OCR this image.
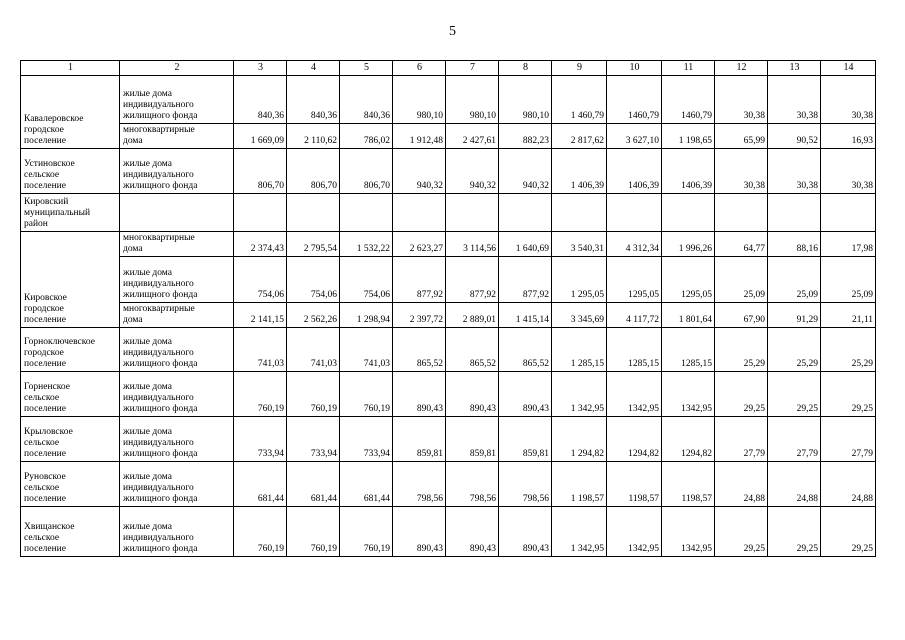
5
1	2	3	4	5	6	7	8	9	10	11	12	13	14
Кавалеровское
городское
поселение	жилые дома
индивидуального
жилищного фонда	840,36	840,36	840,36	980,10	980,10	980,10	1 460,79	1460,79	1460,79	30,38	30,38	30,38
	многоквартирные
дома	1 669,09	2 110,62	786,02	1 912,48	2 427,61	882,23	2 817,62	3 627,10	1 198,65	65,99	90,52	16,93
Устиновское
сельское
поселение	жилые дома
индивидуального
жилищного фонда	806,70	806,70	806,70	940,32	940,32	940,32	1 406,39	1406,39	1406,39	30,38	30,38	30,38
Кировский
муниципальный
район													
Кировское
городское
поселение	многоквартирные
дома	2 374,43	2 795,54	1 532,22	2 623,27	3 114,56	1 640,69	3 540,31	4 312,34	1 996,26	64,77	88,16	17,98
	жилые дома
индивидуального
жилищного фонда	754,06	754,06	754,06	877,92	877,92	877,92	1 295,05	1295,05	1295,05	25,09	25,09	25,09
	многоквартирные
дома	2 141,15	2 562,26	1 298,94	2 397,72	2 889,01	1 415,14	3 345,69	4 117,72	1 801,64	67,90	91,29	21,11
Горноключевское
городское
поселение	жилые дома
индивидуального
жилищного фонда	741,03	741,03	741,03	865,52	865,52	865,52	1 285,15	1285,15	1285,15	25,29	25,29	25,29
Горненское
сельское
поселение	жилые дома
индивидуального
жилищного фонда	760,19	760,19	760,19	890,43	890,43	890,43	1 342,95	1342,95	1342,95	29,25	29,25	29,25
Крыловское
сельское
поселение	жилые дома
индивидуального
жилищного фонда	733,94	733,94	733,94	859,81	859,81	859,81	1 294,82	1294,82	1294,82	27,79	27,79	27,79
Руновское
сельское
поселение	жилые дома
индивидуального
жилищного фонда	681,44	681,44	681,44	798,56	798,56	798,56	1 198,57	1198,57	1198,57	24,88	24,88	24,88
Хвищанское
сельское
поселение	жилые дома
индивидуального
жилищного фонда	760,19	760,19	760,19	890,43	890,43	890,43	1 342,95	1342,95	1342,95	29,25	29,25	29,25
